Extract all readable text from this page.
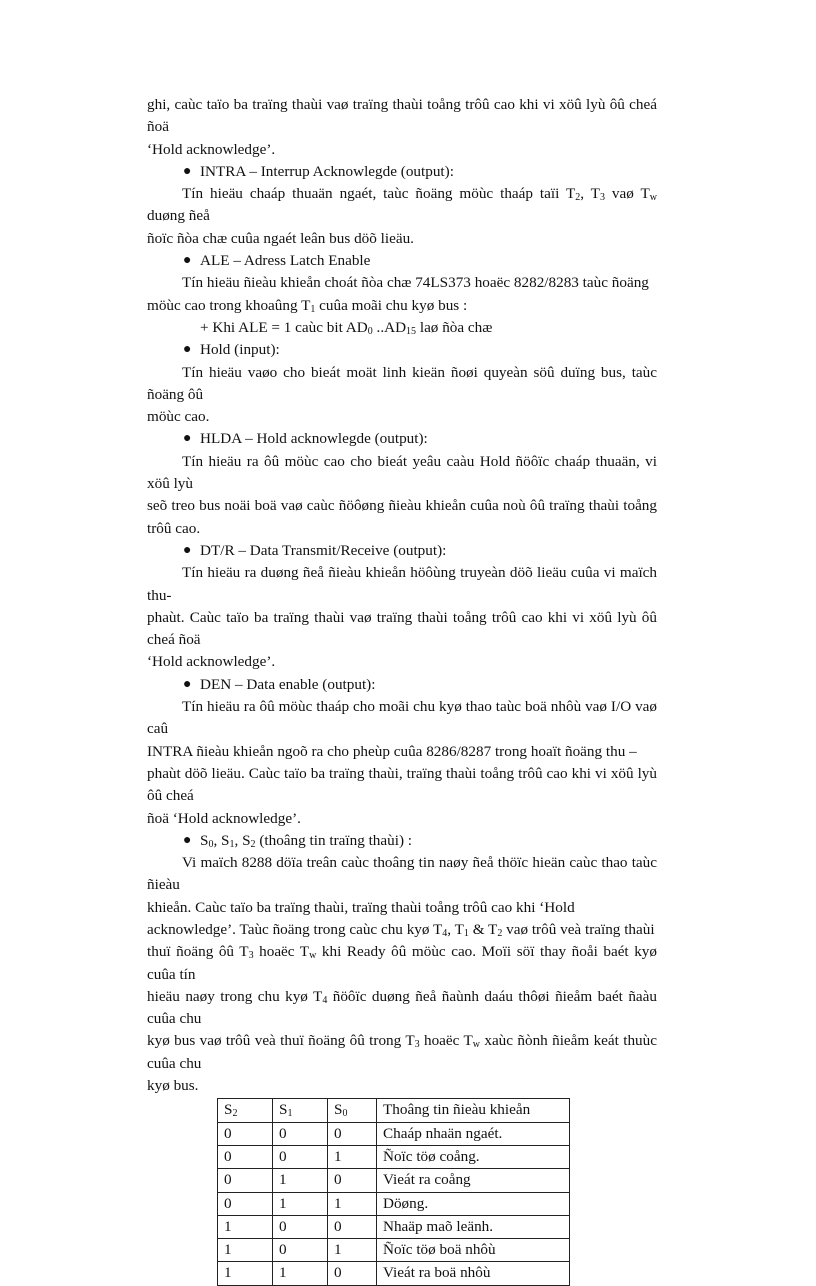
ghi, caùc taïo ba traïng thaùi vaø traïng thaùi toång trôû cao khi vi xöû lyù ôû cheá ñoä

‘Hold acknowledge’.

● INTRA – Interrup Acknowlegde (output):

Tín hieäu chaáp thuaän ngaét, taùc ñoäng möùc thaáp taïi $T_2$, $T_3$ vaø $T_w$ duøng ñeå

ñoïc ñòa chæ cuûa ngaét leân bus döõ lieäu.

● ALE – Adress Latch Enable

Tín hieäu ñieàu khieån choát ñòa chæ 74LS373 hoaëc 8282/8283 taùc ñoäng

möùc cao trong khoaûng $T_1$ cuûa moãi chu kyø bus :

+ Khi ALE = 1 caùc bit $AD_0$ $..AD_{15}$ laø ñòa chæ

● Hold (input):

Tín hieäu vaøo cho bieát moät linh kieän ñoøi quyeàn söû duïng bus, taùc ñoäng ôû

möùc cao.

● HLDA – Hold acknowlegde (output):

Tín hieäu ra ôû möùc cao cho bieát yeâu caàu Hold ñöôïc chaáp thuaän, vi xöû lyù

seõ treo bus noäi boä vaø caùc ñöôøng ñieàu khieån cuûa noù ôû traïng thaùi toång trôû cao.

● DT/R – Data Transmit/Receive (output):

Tín hieäu ra duøng ñeå ñieàu khieån höôùng truyeàn döõ lieäu cuûa vi maïch thu-

phaùt. Caùc taïo ba traïng thaùi vaø traïng thaùi toång trôû cao khi vi xöû lyù ôû cheá ñoä

‘Hold acknowledge’.

● DEN – Data enable (output):

Tín hieäu ra ôû möùc thaáp cho moãi chu kyø thao taùc boä nhôù vaø I/O vaø caû

INTRA ñieàu khieån ngoõ ra cho pheùp cuûa 8286/8287 trong hoaït ñoäng thu –

phaùt döõ lieäu. Caùc taïo ba traïng thaùi, traïng thaùi toång trôû cao khi vi xöû lyù ôû cheá

ñoä ‘Hold acknowledge’.

● $S_0$, $S_1$, $S_2$ (thoâng tin traïng thaùi) :

Vi maïch 8288 döïa treân caùc thoâng tin naøy ñeå thöïc hieän caùc thao taùc ñieàu

khieån. Caùc taïo ba traïng thaùi, traïng thaùi toång trôû cao khi ‘Hold

acknowledge’. Taùc ñoäng trong caùc chu kyø $T_4$, $T_1$ & $T_2$ vaø trôû veà traïng thaùi

thuï ñoäng ôû $T_3$ hoaëc $T_w$ khi Ready ôû möùc cao. Moïi söï thay ñoåi baét kyø cuûa tín

hieäu naøy trong chu kyø $T_4$ ñöôïc duøng ñeå ñaùnh daáu thôøi ñieåm baét ñaàu cuûa chu

kyø bus vaø trôû veà thuï ñoäng ôû trong $T_3$ hoaëc $T_w$ xaùc ñònh ñieåm keát thuùc cuûa chu

kyø bus.

$S_2$	$S_1$	$S_0$	Thoâng tin ñieàu khieån
0	0	0	Chaáp nhaän ngaét.
0	0	1	Ñoïc töø coång.
0	1	0	Vieát ra coång
0	1	1	Döøng.
1	0	0	Nhaäp maõ leänh.
1	0	1	Ñoïc töø boä nhôù
1	1	0	Vieát ra boä nhôù
